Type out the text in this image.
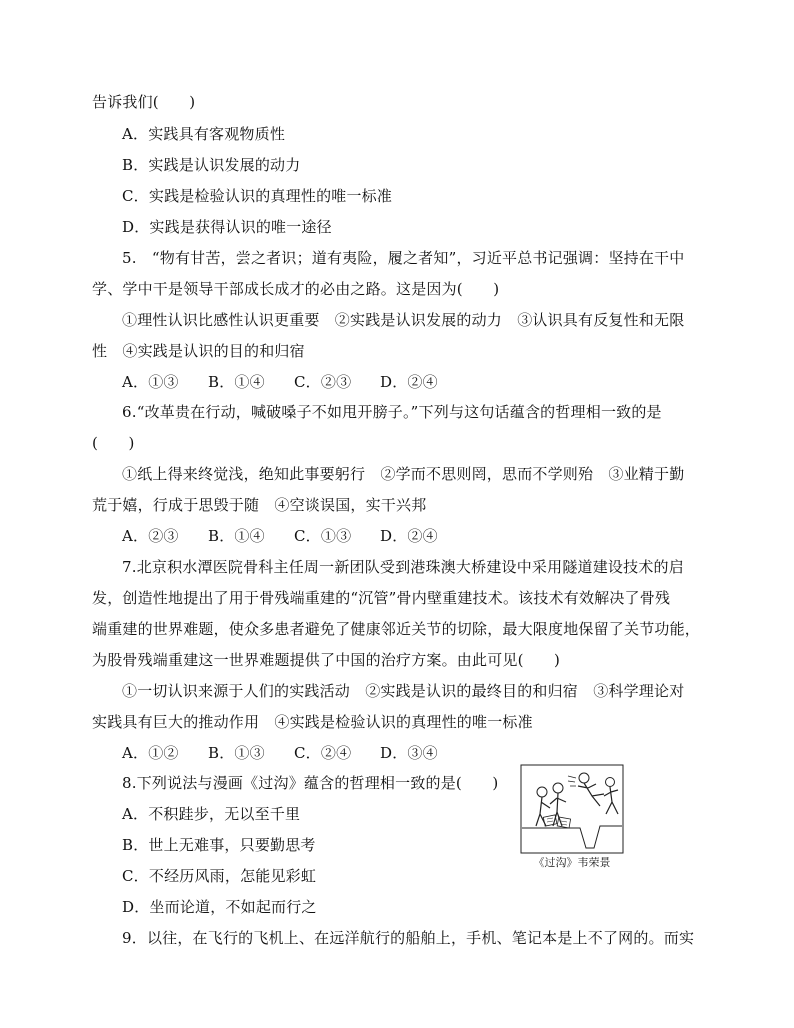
告诉我们(　　)
A．实践具有客观物质性
B．实践是认识发展的动力
C．实践是检验认识的真理性的唯一标准
D．实践是获得认识的唯一途径
5.　“物有甘苦，尝之者识；道有夷险，履之者知”，习近平总书记强调：坚持在干中
学、学中干是领导干部成长成才的必由之路。这是因为(　　)
①理性认识比感性认识更重要　②实践是认识发展的动力　③认识具有反复性和无限
性　④实践是认识的目的和归宿
A．①③ B．①④ C．②③ D．②④
6.“改革贵在行动，喊破嗓子不如甩开膀子。”下列与这句话蕴含的哲理相一致的是
(　　)
①纸上得来终觉浅，绝知此事要躬行　②学而不思则罔，思而不学则殆　③业精于勤
荒于嬉，行成于思毁于随　④空谈误国，实干兴邦
A．②③ B．①④ C．①③ D．②④
7.北京积水潭医院骨科主任周一新团队受到港珠澳大桥建设中采用隧道建设技术的启
发，创造性地提出了用于骨残端重建的“沉管”骨内壁重建技术。该技术有效解决了骨残
端重建的世界难题，使众多患者避免了健康邻近关节的切除，最大限度地保留了关节功能，
为股骨残端重建这一世界难题提供了中国的治疗方案。由此可见(　　)
①一切认识来源于人们的实践活动　②实践是认识的最终目的和归宿　③科学理论对
实践具有巨大的推动作用　④实践是检验认识的真理性的唯一标准
A．①② B．①③ C．②④ D．③④
8.下列说法与漫画《过沟》蕴含的哲理相一致的是(　　)
A．不积跬步，无以至千里
B．世上无难事，只要勤思考
C．不经历风雨，怎能见彩虹
D．坐而论道，不如起而行之
《过沟》韦荣景
9．以往，在飞行的飞机上、在远洋航行的船舶上，手机、笔记本是上不了网的。而实
